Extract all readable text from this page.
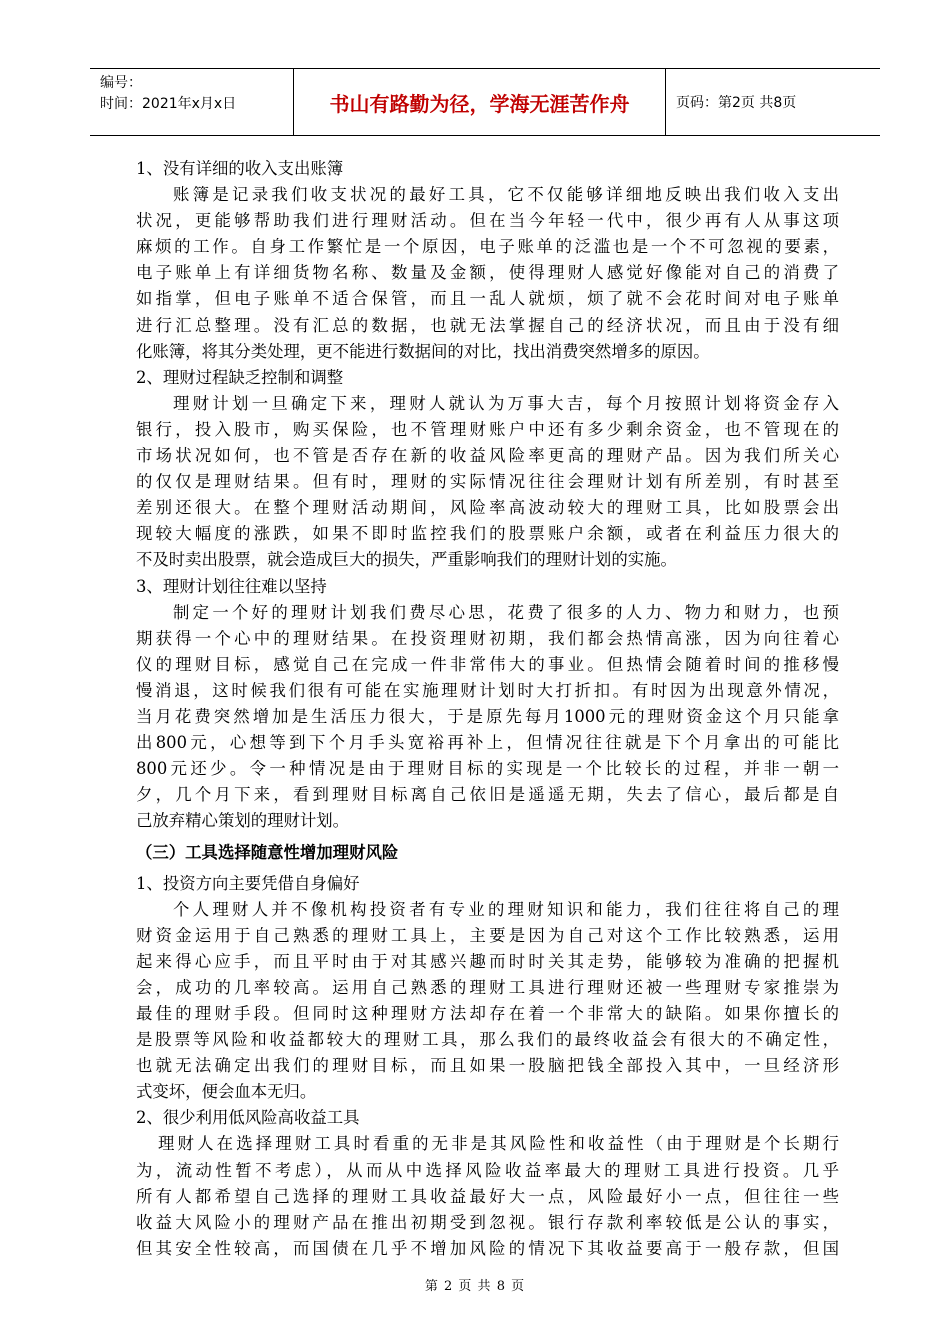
编号：
时间：2021年x月x日	书山有路勤为径，学海无涯苦作舟	页码：第2页 共8页
1、没有详细的收入支出账簿
账簿是记录我们收支状况的最好工具，它不仅能够详细地反映出我们收入支出
状况，更能够帮助我们进行理财活动。但在当今年轻一代中，很少再有人从事这项
麻烦的工作。自身工作繁忙是一个原因，电子账单的泛滥也是一个不可忽视的要素，
电子账单上有详细货物名称、数量及金额，使得理财人感觉好像能对自己的消费了
如指掌，但电子账单不适合保管，而且一乱人就烦，烦了就不会花时间对电子账单
进行汇总整理。没有汇总的数据，也就无法掌握自己的经济状况，而且由于没有细
化账簿，将其分类处理，更不能进行数据间的对比，找出消费突然增多的原因。
2、理财过程缺乏控制和调整
理财计划一旦确定下来，理财人就认为万事大吉，每个月按照计划将资金存入
银行，投入股市，购买保险，也不管理财账户中还有多少剩余资金，也不管现在的
市场状况如何，也不管是否存在新的收益风险率更高的理财产品。因为我们所关心
的仅仅是理财结果。但有时，理财的实际情况往往会理财计划有所差别，有时甚至
差别还很大。在整个理财活动期间，风险率高波动较大的理财工具，比如股票会出
现较大幅度的涨跌，如果不即时监控我们的股票账户余额，或者在利益压力很大的
不及时卖出股票，就会造成巨大的损失，严重影响我们的理财计划的实施。
3、理财计划往往难以坚持
制定一个好的理财计划我们费尽心思，花费了很多的人力、物力和财力，也预
期获得一个心中的理财结果。在投资理财初期，我们都会热情高涨，因为向往着心
仪的理财目标，感觉自己在完成一件非常伟大的事业。但热情会随着时间的推移慢
慢消退，这时候我们很有可能在实施理财计划时大打折扣。有时因为出现意外情况，
当月花费突然增加是生活压力很大，于是原先每月1000元的理财资金这个月只能拿
出800元，心想等到下个月手头宽裕再补上，但情况往往就是下个月拿出的可能比
800元还少。令一种情况是由于理财目标的实现是一个比较长的过程，并非一朝一
夕，几个月下来，看到理财目标离自己依旧是遥遥无期，失去了信心，最后都是自
己放弃精心策划的理财计划。
（三）工具选择随意性增加理财风险
1、投资方向主要凭借自身偏好
个人理财人并不像机构投资者有专业的理财知识和能力，我们往往将自己的理
财资金运用于自己熟悉的理财工具上，主要是因为自己对这个工作比较熟悉，运用
起来得心应手，而且平时由于对其感兴趣而时时关其走势，能够较为准确的把握机
会，成功的几率较高。运用自己熟悉的理财工具进行理财还被一些理财专家推崇为
最佳的理财手段。但同时这种理财方法却存在着一个非常大的缺陷。如果你擅长的
是股票等风险和收益都较大的理财工具，那么我们的最终收益会有很大的不确定性，
也就无法确定出我们的理财目标，而且如果一股脑把钱全部投入其中，一旦经济形
式变坏，便会血本无归。
2、很少利用低风险高收益工具
理财人在选择理财工具时看重的无非是其风险性和收益性（由于理财是个长期行
为，流动性暂不考虑），从而从中选择风险收益率最大的理财工具进行投资。几乎
所有人都希望自己选择的理财工具收益最好大一点，风险最好小一点，但往往一些
收益大风险小的理财产品在推出初期受到忽视。银行存款利率较低是公认的事实，
但其安全性较高，而国债在几乎不增加风险的情况下其收益要高于一般存款，但国
第 2 页 共 8 页
